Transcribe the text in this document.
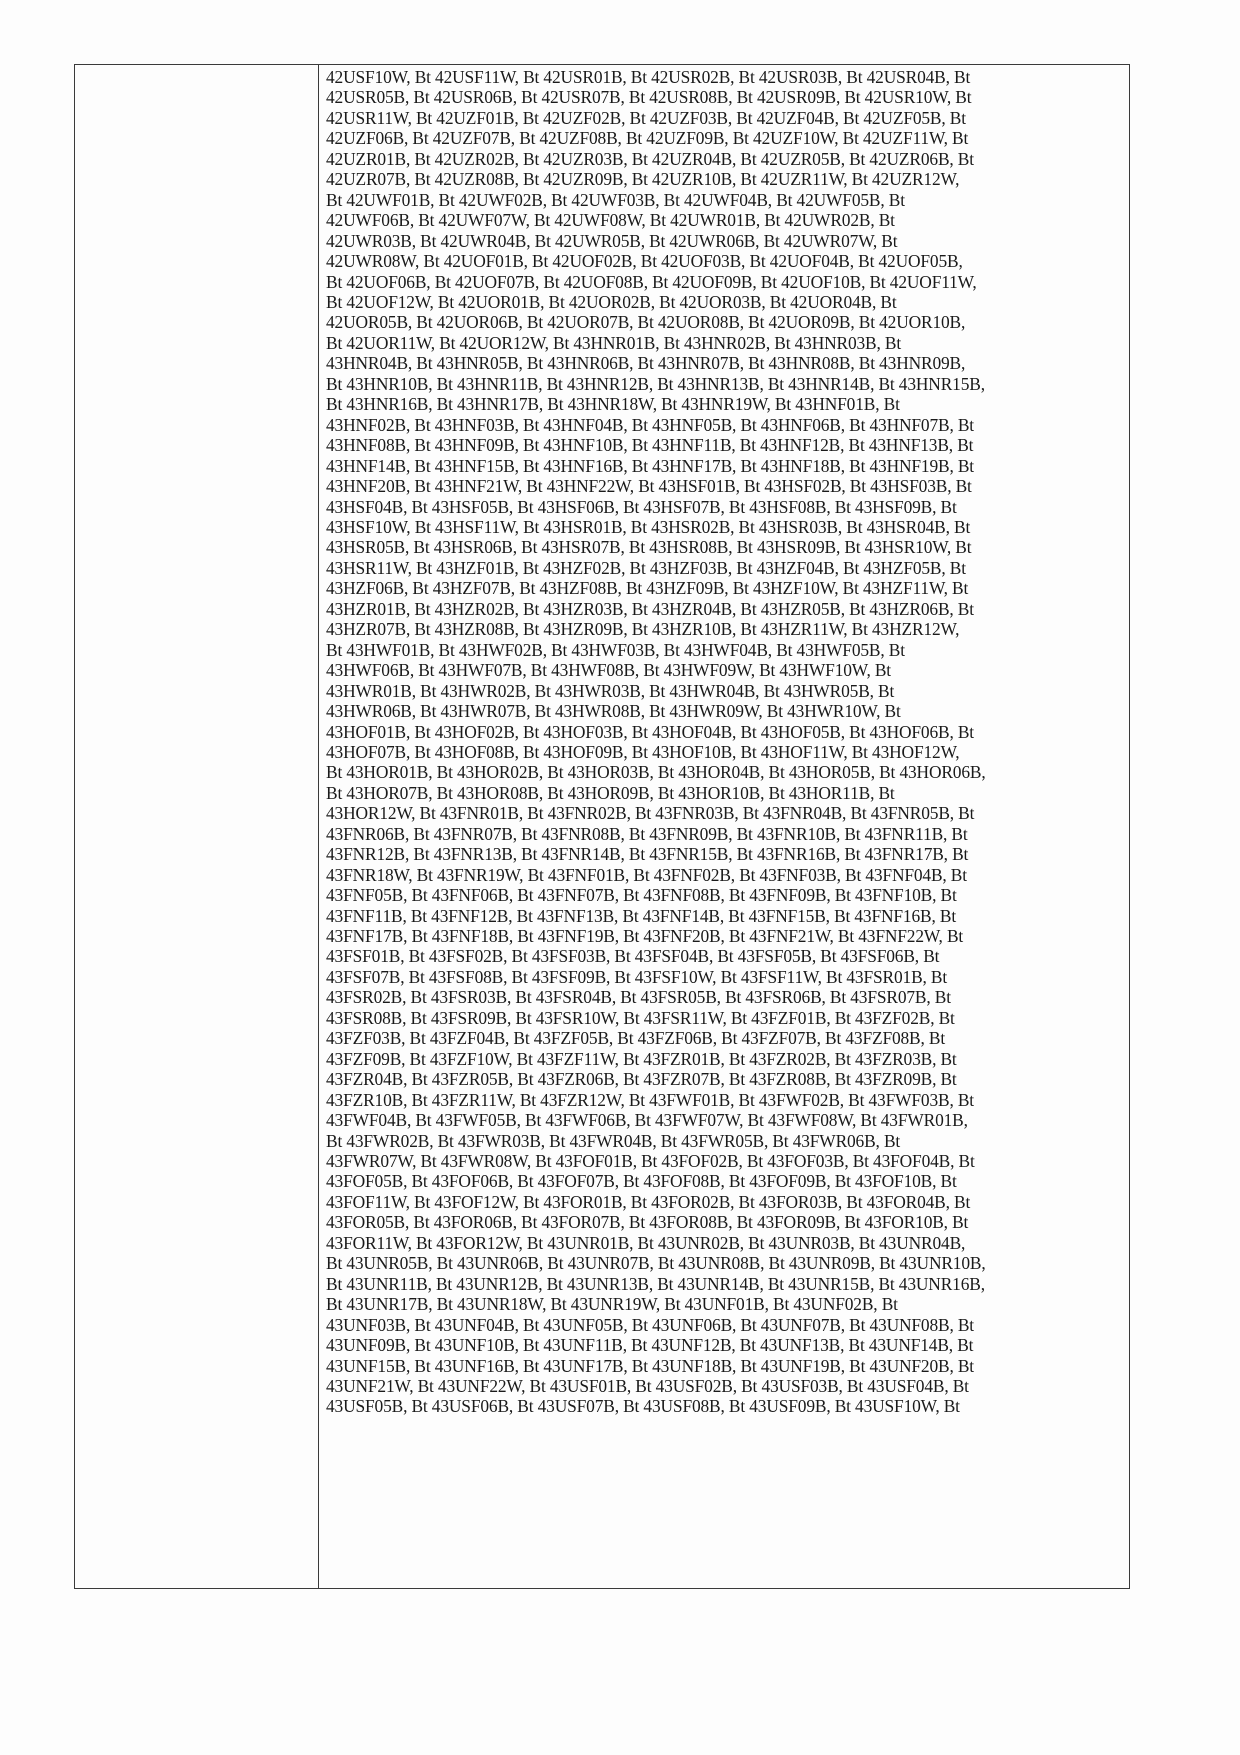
42USF10W, Bt 42USF11W, Bt 42USR01B, Bt 42USR02B, Bt 42USR03B, Bt 42USR04B, Bt
42USR05B, Bt 42USR06B, Bt 42USR07B, Bt 42USR08B, Bt 42USR09B, Bt 42USR10W, Bt
42USR11W, Bt 42UZF01B, Bt 42UZF02B, Bt 42UZF03B, Bt 42UZF04B, Bt 42UZF05B, Bt
42UZF06B, Bt 42UZF07B, Bt 42UZF08B, Bt 42UZF09B, Bt 42UZF10W, Bt 42UZF11W, Bt
42UZR01B, Bt 42UZR02B, Bt 42UZR03B, Bt 42UZR04B, Bt 42UZR05B, Bt 42UZR06B, Bt
42UZR07B, Bt 42UZR08B, Bt 42UZR09B, Bt 42UZR10B, Bt 42UZR11W, Bt 42UZR12W,
Bt 42UWF01B, Bt 42UWF02B, Bt 42UWF03B, Bt 42UWF04B, Bt 42UWF05B, Bt
42UWF06B, Bt 42UWF07W, Bt 42UWF08W, Bt 42UWR01B, Bt 42UWR02B, Bt
42UWR03B, Bt 42UWR04B, Bt 42UWR05B, Bt 42UWR06B, Bt 42UWR07W, Bt
42UWR08W, Bt 42UOF01B, Bt 42UOF02B, Bt 42UOF03B, Bt 42UOF04B, Bt 42UOF05B,
Bt 42UOF06B, Bt 42UOF07B, Bt 42UOF08B, Bt 42UOF09B, Bt 42UOF10B, Bt 42UOF11W,
Bt 42UOF12W, Bt 42UOR01B, Bt 42UOR02B, Bt 42UOR03B, Bt 42UOR04B, Bt
42UOR05B, Bt 42UOR06B, Bt 42UOR07B, Bt 42UOR08B, Bt 42UOR09B, Bt 42UOR10B,
Bt 42UOR11W, Bt 42UOR12W, Bt 43HNR01B, Bt 43HNR02B, Bt 43HNR03B, Bt
43HNR04B, Bt 43HNR05B, Bt 43HNR06B, Bt 43HNR07B, Bt 43HNR08B, Bt 43HNR09B,
Bt 43HNR10B, Bt 43HNR11B, Bt 43HNR12B, Bt 43HNR13B, Bt 43HNR14B, Bt 43HNR15B,
Bt 43HNR16B, Bt 43HNR17B, Bt 43HNR18W, Bt 43HNR19W, Bt 43HNF01B, Bt
43HNF02B, Bt 43HNF03B, Bt 43HNF04B, Bt 43HNF05B, Bt 43HNF06B, Bt 43HNF07B, Bt
43HNF08B, Bt 43HNF09B, Bt 43HNF10B, Bt 43HNF11B, Bt 43HNF12B, Bt 43HNF13B, Bt
43HNF14B, Bt 43HNF15B, Bt 43HNF16B, Bt 43HNF17B, Bt 43HNF18B, Bt 43HNF19B, Bt
43HNF20B, Bt 43HNF21W, Bt 43HNF22W, Bt 43HSF01B, Bt 43HSF02B, Bt 43HSF03B, Bt
43HSF04B, Bt 43HSF05B, Bt 43HSF06B, Bt 43HSF07B, Bt 43HSF08B, Bt 43HSF09B, Bt
43HSF10W, Bt 43HSF11W, Bt 43HSR01B, Bt 43HSR02B, Bt 43HSR03B, Bt 43HSR04B, Bt
43HSR05B, Bt 43HSR06B, Bt 43HSR07B, Bt 43HSR08B, Bt 43HSR09B, Bt 43HSR10W, Bt
43HSR11W, Bt 43HZF01B, Bt 43HZF02B, Bt 43HZF03B, Bt 43HZF04B, Bt 43HZF05B, Bt
43HZF06B, Bt 43HZF07B, Bt 43HZF08B, Bt 43HZF09B, Bt 43HZF10W, Bt 43HZF11W, Bt
43HZR01B, Bt 43HZR02B, Bt 43HZR03B, Bt 43HZR04B, Bt 43HZR05B, Bt 43HZR06B, Bt
43HZR07B, Bt 43HZR08B, Bt 43HZR09B, Bt 43HZR10B, Bt 43HZR11W, Bt 43HZR12W,
Bt 43HWF01B, Bt 43HWF02B, Bt 43HWF03B, Bt 43HWF04B, Bt 43HWF05B, Bt
43HWF06B, Bt 43HWF07B, Bt 43HWF08B, Bt 43HWF09W, Bt 43HWF10W, Bt
43HWR01B, Bt 43HWR02B, Bt 43HWR03B, Bt 43HWR04B, Bt 43HWR05B, Bt
43HWR06B, Bt 43HWR07B, Bt 43HWR08B, Bt 43HWR09W, Bt 43HWR10W, Bt
43HOF01B, Bt 43HOF02B, Bt 43HOF03B, Bt 43HOF04B, Bt 43HOF05B, Bt 43HOF06B, Bt
43HOF07B, Bt 43HOF08B, Bt 43HOF09B, Bt 43HOF10B, Bt 43HOF11W, Bt 43HOF12W,
Bt 43HOR01B, Bt 43HOR02B, Bt 43HOR03B, Bt 43HOR04B, Bt 43HOR05B, Bt 43HOR06B,
Bt 43HOR07B, Bt 43HOR08B, Bt 43HOR09B, Bt 43HOR10B, Bt 43HOR11B, Bt
43HOR12W, Bt 43FNR01B, Bt 43FNR02B, Bt 43FNR03B, Bt 43FNR04B, Bt 43FNR05B, Bt
43FNR06B, Bt 43FNR07B, Bt 43FNR08B, Bt 43FNR09B, Bt 43FNR10B, Bt 43FNR11B, Bt
43FNR12B, Bt 43FNR13B, Bt 43FNR14B, Bt 43FNR15B, Bt 43FNR16B, Bt 43FNR17B, Bt
43FNR18W, Bt 43FNR19W, Bt 43FNF01B, Bt 43FNF02B, Bt 43FNF03B, Bt 43FNF04B, Bt
43FNF05B, Bt 43FNF06B, Bt 43FNF07B, Bt 43FNF08B, Bt 43FNF09B, Bt 43FNF10B, Bt
43FNF11B, Bt 43FNF12B, Bt 43FNF13B, Bt 43FNF14B, Bt 43FNF15B, Bt 43FNF16B, Bt
43FNF17B, Bt 43FNF18B, Bt 43FNF19B, Bt 43FNF20B, Bt 43FNF21W, Bt 43FNF22W, Bt
43FSF01B, Bt 43FSF02B, Bt 43FSF03B, Bt 43FSF04B, Bt 43FSF05B, Bt 43FSF06B, Bt
43FSF07B, Bt 43FSF08B, Bt 43FSF09B, Bt 43FSF10W, Bt 43FSF11W, Bt 43FSR01B, Bt
43FSR02B, Bt 43FSR03B, Bt 43FSR04B, Bt 43FSR05B, Bt 43FSR06B, Bt 43FSR07B, Bt
43FSR08B, Bt 43FSR09B, Bt 43FSR10W, Bt 43FSR11W, Bt 43FZF01B, Bt 43FZF02B, Bt
43FZF03B, Bt 43FZF04B, Bt 43FZF05B, Bt 43FZF06B, Bt 43FZF07B, Bt 43FZF08B, Bt
43FZF09B, Bt 43FZF10W, Bt 43FZF11W, Bt 43FZR01B, Bt 43FZR02B, Bt 43FZR03B, Bt
43FZR04B, Bt 43FZR05B, Bt 43FZR06B, Bt 43FZR07B, Bt 43FZR08B, Bt 43FZR09B, Bt
43FZR10B, Bt 43FZR11W, Bt 43FZR12W, Bt 43FWF01B, Bt 43FWF02B, Bt 43FWF03B, Bt
43FWF04B, Bt 43FWF05B, Bt 43FWF06B, Bt 43FWF07W, Bt 43FWF08W, Bt 43FWR01B,
Bt 43FWR02B, Bt 43FWR03B, Bt 43FWR04B, Bt 43FWR05B, Bt 43FWR06B, Bt
43FWR07W, Bt 43FWR08W, Bt 43FOF01B, Bt 43FOF02B, Bt 43FOF03B, Bt 43FOF04B, Bt
43FOF05B, Bt 43FOF06B, Bt 43FOF07B, Bt 43FOF08B, Bt 43FOF09B, Bt 43FOF10B, Bt
43FOF11W, Bt 43FOF12W, Bt 43FOR01B, Bt 43FOR02B, Bt 43FOR03B, Bt 43FOR04B, Bt
43FOR05B, Bt 43FOR06B, Bt 43FOR07B, Bt 43FOR08B, Bt 43FOR09B, Bt 43FOR10B, Bt
43FOR11W, Bt 43FOR12W, Bt 43UNR01B, Bt 43UNR02B, Bt 43UNR03B, Bt 43UNR04B,
Bt 43UNR05B, Bt 43UNR06B, Bt 43UNR07B, Bt 43UNR08B, Bt 43UNR09B, Bt 43UNR10B,
Bt 43UNR11B, Bt 43UNR12B, Bt 43UNR13B, Bt 43UNR14B, Bt 43UNR15B, Bt 43UNR16B,
Bt 43UNR17B, Bt 43UNR18W, Bt 43UNR19W, Bt 43UNF01B, Bt 43UNF02B, Bt
43UNF03B, Bt 43UNF04B, Bt 43UNF05B, Bt 43UNF06B, Bt 43UNF07B, Bt 43UNF08B, Bt
43UNF09B, Bt 43UNF10B, Bt 43UNF11B, Bt 43UNF12B, Bt 43UNF13B, Bt 43UNF14B, Bt
43UNF15B, Bt 43UNF16B, Bt 43UNF17B, Bt 43UNF18B, Bt 43UNF19B, Bt 43UNF20B, Bt
43UNF21W, Bt 43UNF22W, Bt 43USF01B, Bt 43USF02B, Bt 43USF03B, Bt 43USF04B, Bt
43USF05B, Bt 43USF06B, Bt 43USF07B, Bt 43USF08B, Bt 43USF09B, Bt 43USF10W, Bt
